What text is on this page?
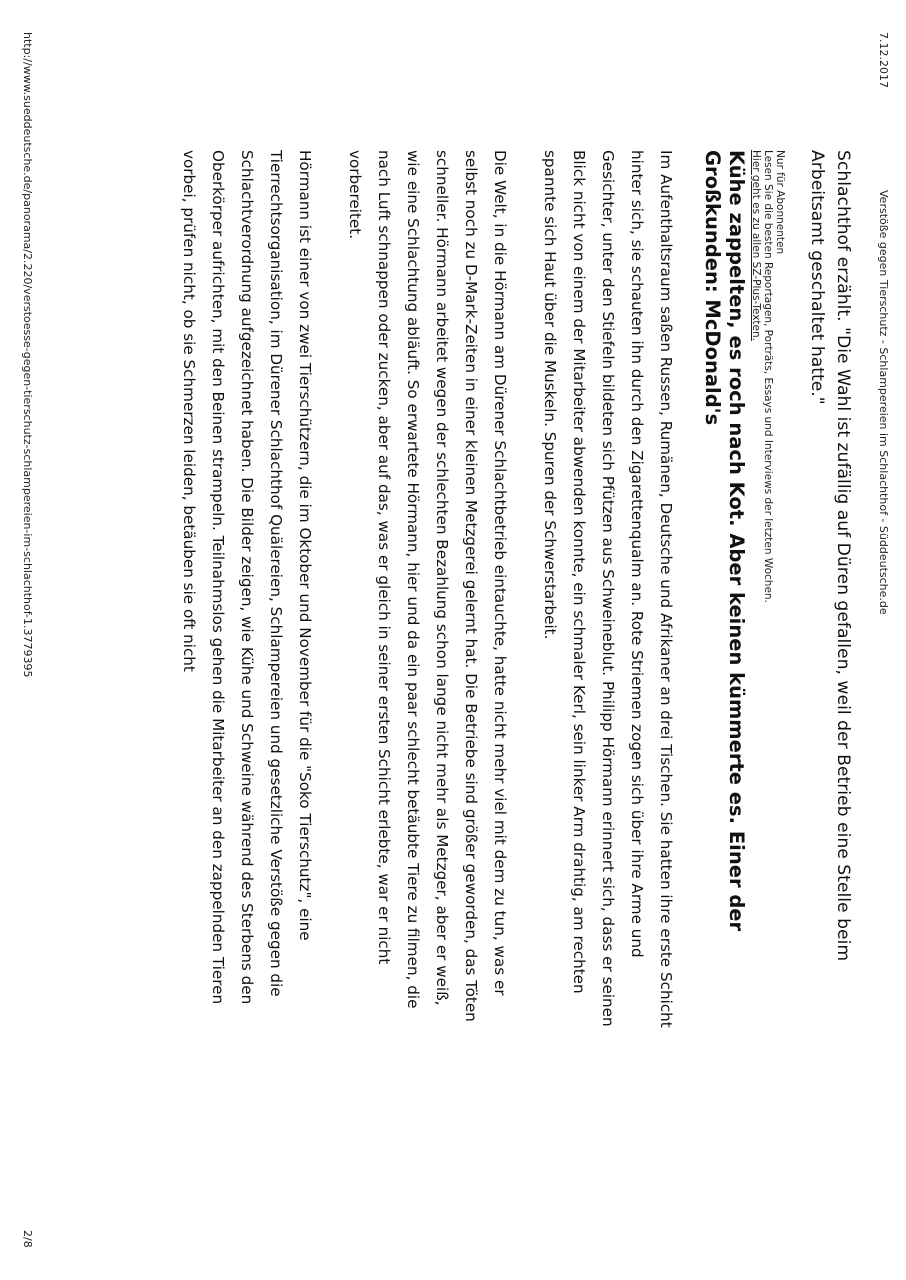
7.12.2017
Verstöße gegen Tierschutz - Schlampereien im Schlachthof - Süddeutsche.de

Schlachthof erzählt. "Die Wahl ist zufällig auf Düren gefallen, weil der Betrieb eine Stelle beim Arbeitsamt geschaltet hatte."

Nur für Abonnenten
Lesen Sie die besten Reportagen, Porträts, Essays und Interviews der letzten Wochen.
Hier geht es zu allen SZ-Plus-Texten.
Kühe zappelten, es roch nach Kot. Aber keinen kümmerte es. Einer der Großkunden: McDonald's

Im Aufenthaltsraum saßen Russen, Rumänen, Deutsche und Afrikaner an drei Tischen. Sie hatten ihre erste Schicht hinter sich, sie schauten ihn durch den Zigarettenqualm an. Rote Striemen zogen sich über ihre Arme und Gesichter, unter den Stiefeln bildeten sich Pfützen aus Schweineblut. Philipp Hörmann erinnert sich, dass er seinen Blick nicht von einem der Mitarbeiter abwenden konnte, ein schmaler Kerl, sein linker Arm drahtig, am rechten spannte sich Haut über die Muskeln. Spuren der Schwerstarbeit.

Die Welt, in die Hörmann am Dürener Schlachtbetrieb eintauchte, hatte nicht mehr viel mit dem zu tun, was er selbst noch zu D-Mark-Zeiten in einer kleinen Metzgerei gelernt hat. Die Betriebe sind größer geworden, das Töten schneller. Hörmann arbeitet wegen der schlechten Bezahlung schon lange nicht mehr als Metzger, aber er weiß, wie eine Schlachtung abläuft. So erwartete Hörmann, hier und da ein paar schlecht betäubte Tiere zu filmen, die nach Luft schnappen oder zucken, aber auf das, was er gleich in seiner ersten Schicht erlebte, war er nicht vorbereitet.

Hörmann ist einer von zwei Tierschützern, die im Oktober und November für die "Soko Tierschutz", eine Tierrechtsorganisation, im Dürener Schlachthof Quälereien, Schlampereien und gesetzliche Verstöße gegen die Schlachtverordnung aufgezeichnet haben. Die Bilder zeigen, wie Kühe und Schweine während des Sterbens den Oberkörper aufrichten, mit den Beinen strampeln. Teilnahmslos gehen die Mitarbeiter an den zappelnden Tieren vorbei, prüfen nicht, ob sie Schmerzen leiden, betäuben sie oft nicht

http://www.sueddeutsche.de/panorama/2.220/verstoesse-gegen-tierschutz-schlampereien-im-schlachthof-1.3779395
2/8
